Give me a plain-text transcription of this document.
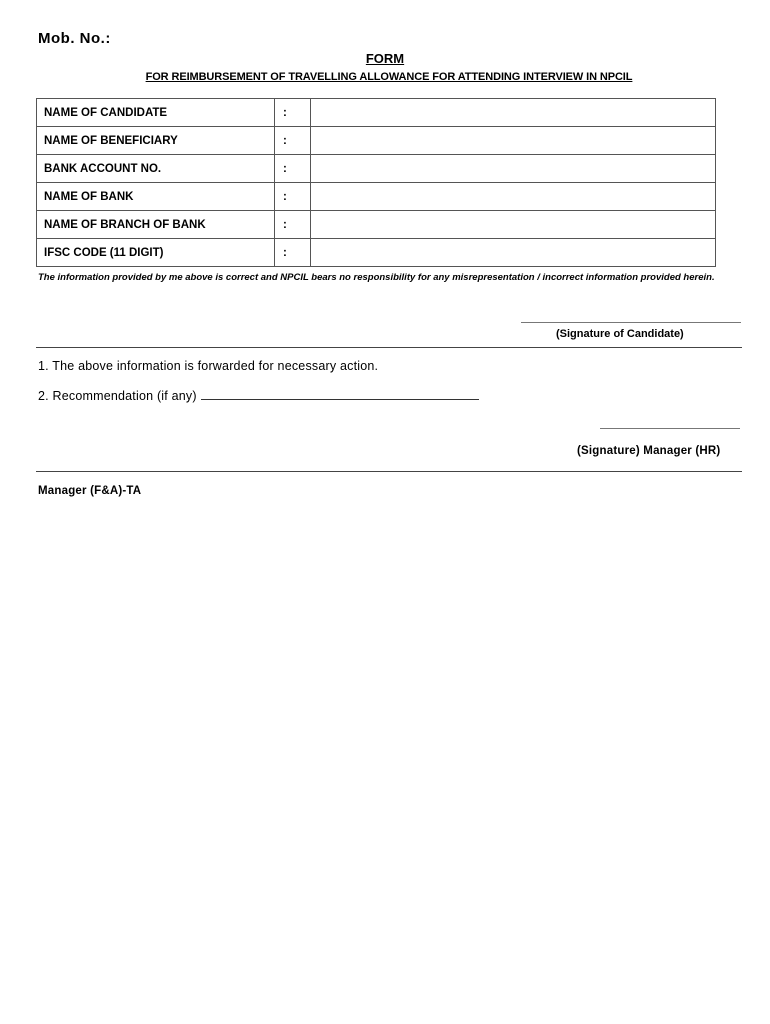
Mob. No.:
FORM
FOR REIMBURSEMENT OF TRAVELLING ALLOWANCE FOR ATTENDING INTERVIEW IN NPCIL
NAME OF CANDIDATE	:	
NAME OF BENEFICIARY	:	
BANK ACCOUNT NO.	:	
NAME OF BANK	:	
NAME OF BRANCH OF BANK	:	
IFSC CODE (11 DIGIT)	:	
The information provided by me above is correct and NPCIL bears no responsibility for any misrepresentation / incorrect information provided herein.
(Signature of Candidate)
1. The above information is forwarded for necessary action.
2. Recommendation (if any)
(Signature) Manager (HR)
Manager (F&A)-TA
